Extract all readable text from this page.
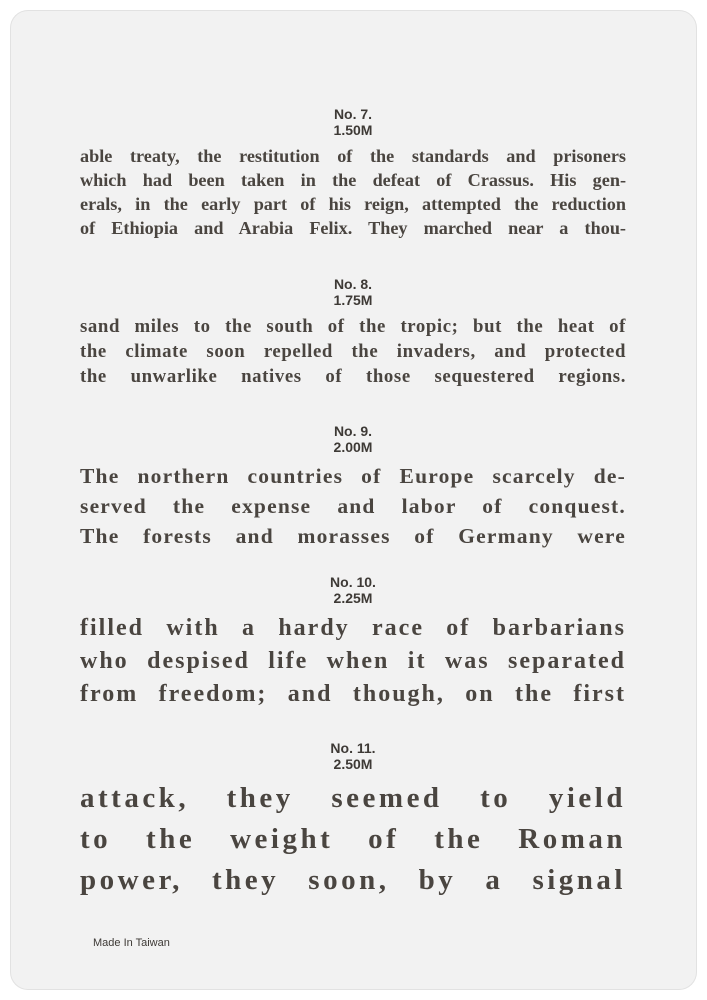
No. 7.
1.50M
able treaty, the restitution of the standards and prisoners
which had been taken in the defeat of Crassus. His gen-
erals, in the early part of his reign, attempted the reduction
of Ethiopia and Arabia Felix. They marched near a thou-
No. 8.
1.75M
sand miles to the south of the tropic; but the heat of
the climate soon repelled the invaders, and protected
the unwarlike natives of those sequestered regions.
No. 9.
2.00M
The northern countries of Europe scarcely de-
served the expense and labor of conquest.
The forests and morasses of Germany were
No. 10.
2.25M
filled with a hardy race of barbarians
who despised life when it was separated
from freedom; and though, on the first
No. 11.
2.50M
attack, they seemed to yield
to the weight of the Roman
power, they soon, by a signal
Made In Taiwan
